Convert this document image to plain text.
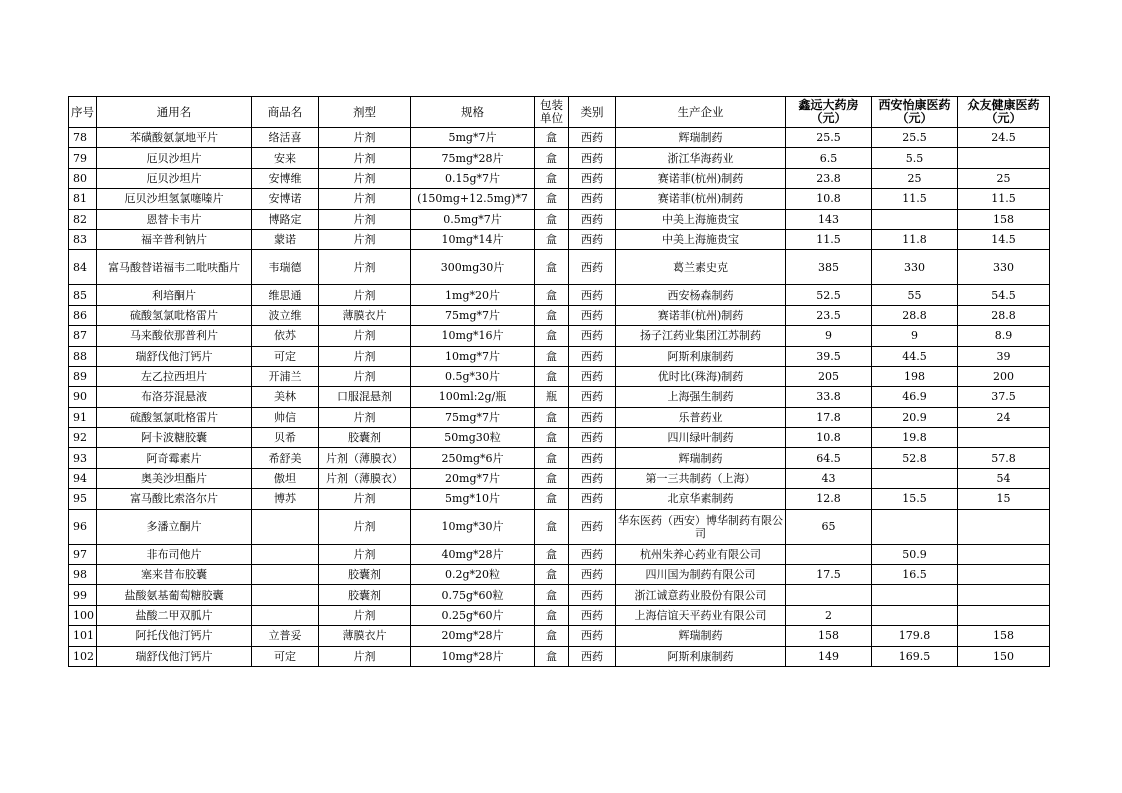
序号	通用名	商品名	剂型	规格	包装单位	类别	生产企业	鑫远大药房（元）	西安怡康医药（元）	众友健康医药（元）
78	苯磺酸氨氯地平片	络活喜	片剂	5mg*7片	盒	西药	辉瑞制药	25.5	25.5	24.5
79	厄贝沙坦片	安来	片剂	75mg*28片	盒	西药	浙江华海药业	6.5	5.5	
80	厄贝沙坦片	安博维	片剂	0.15g*7片	盒	西药	赛诺菲(杭州)制药	23.8	25	25
81	厄贝沙坦氢氯噻嗪片	安博诺	片剂	(150mg+12.5mg)*7	盒	西药	赛诺菲(杭州)制药	10.8	11.5	11.5
82	恩替卡韦片	博路定	片剂	0.5mg*7片	盒	西药	中美上海施贵宝	143		158
83	福辛普利钠片	蒙诺	片剂	10mg*14片	盒	西药	中美上海施贵宝	11.5	11.8	14.5
84	富马酸替诺福韦二吡呋酯片	韦瑞德	片剂	300mg30片	盒	西药	葛兰素史克	385	330	330
85	利培酮片	维思通	片剂	1mg*20片	盒	西药	西安杨森制药	52.5	55	54.5
86	硫酸氢氯吡格雷片	波立维	薄膜衣片	75mg*7片	盒	西药	赛诺菲(杭州)制药	23.5	28.8	28.8
87	马来酸依那普利片	依苏	片剂	10mg*16片	盒	西药	扬子江药业集团江苏制药	9	9	8.9
88	瑞舒伐他汀钙片	可定	片剂	10mg*7片	盒	西药	阿斯利康制药	39.5	44.5	39
89	左乙拉西坦片	开浦兰	片剂	0.5g*30片	盒	西药	优时比(珠海)制药	205	198	200
90	布洛芬混悬液	美林	口服混悬剂	100ml:2g/瓶	瓶	西药	上海强生制药	33.8	46.9	37.5
91	硫酸氢氯吡格雷片	帅信	片剂	75mg*7片	盒	西药	乐普药业	17.8	20.9	24
92	阿卡波糖胶囊	贝希	胶囊剂	50mg30粒	盒	西药	四川绿叶制药	10.8	19.8	
93	阿奇霉素片	希舒美	片剂（薄膜衣）	250mg*6片	盒	西药	辉瑞制药	64.5	52.8	57.8
94	奥美沙坦酯片	傲坦	片剂（薄膜衣）	20mg*7片	盒	西药	第一三共制药（上海）	43		54
95	富马酸比索洛尔片	博苏	片剂	5mg*10片	盒	西药	北京华素制药	12.8	15.5	15
96	多潘立酮片		片剂	10mg*30片	盒	西药	华东医药（西安）博华制药有限公司	65		
97	非布司他片		片剂	40mg*28片	盒	西药	杭州朱养心药业有限公司		50.9	
98	塞来昔布胶囊		胶囊剂	0.2g*20粒	盒	西药	四川国为制药有限公司	17.5	16.5	
99	盐酸氨基葡萄糖胶囊		胶囊剂	0.75g*60粒	盒	西药	浙江诚意药业股份有限公司			
100	盐酸二甲双胍片		片剂	0.25g*60片	盒	西药	上海信谊天平药业有限公司	2		
101	阿托伐他汀钙片	立普妥	薄膜衣片	20mg*28片	盒	西药	辉瑞制药	158	179.8	158
102	瑞舒伐他汀钙片	可定	片剂	10mg*28片	盒	西药	阿斯利康制药	149	169.5	150
